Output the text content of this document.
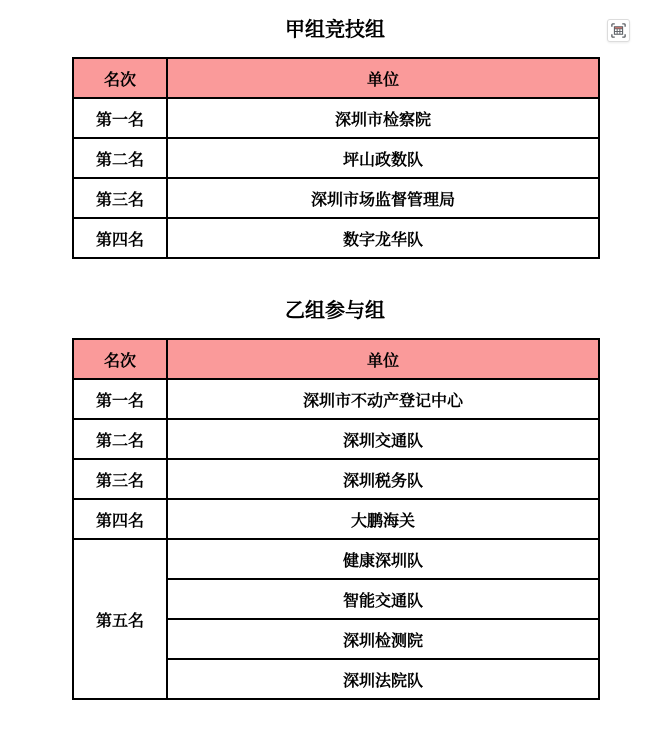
甲组竞技组
名次	单位
第一名	深圳市检察院
第二名	坪山政数队
第三名	深圳市场监督管理局
第四名	数字龙华队
乙组参与组
名次	单位
第一名	深圳市不动产登记中心
第二名	深圳交通队
第三名	深圳税务队
第四名	大鹏海关
第五名	健康深圳队
	智能交通队
	深圳检测院
	深圳法院队
